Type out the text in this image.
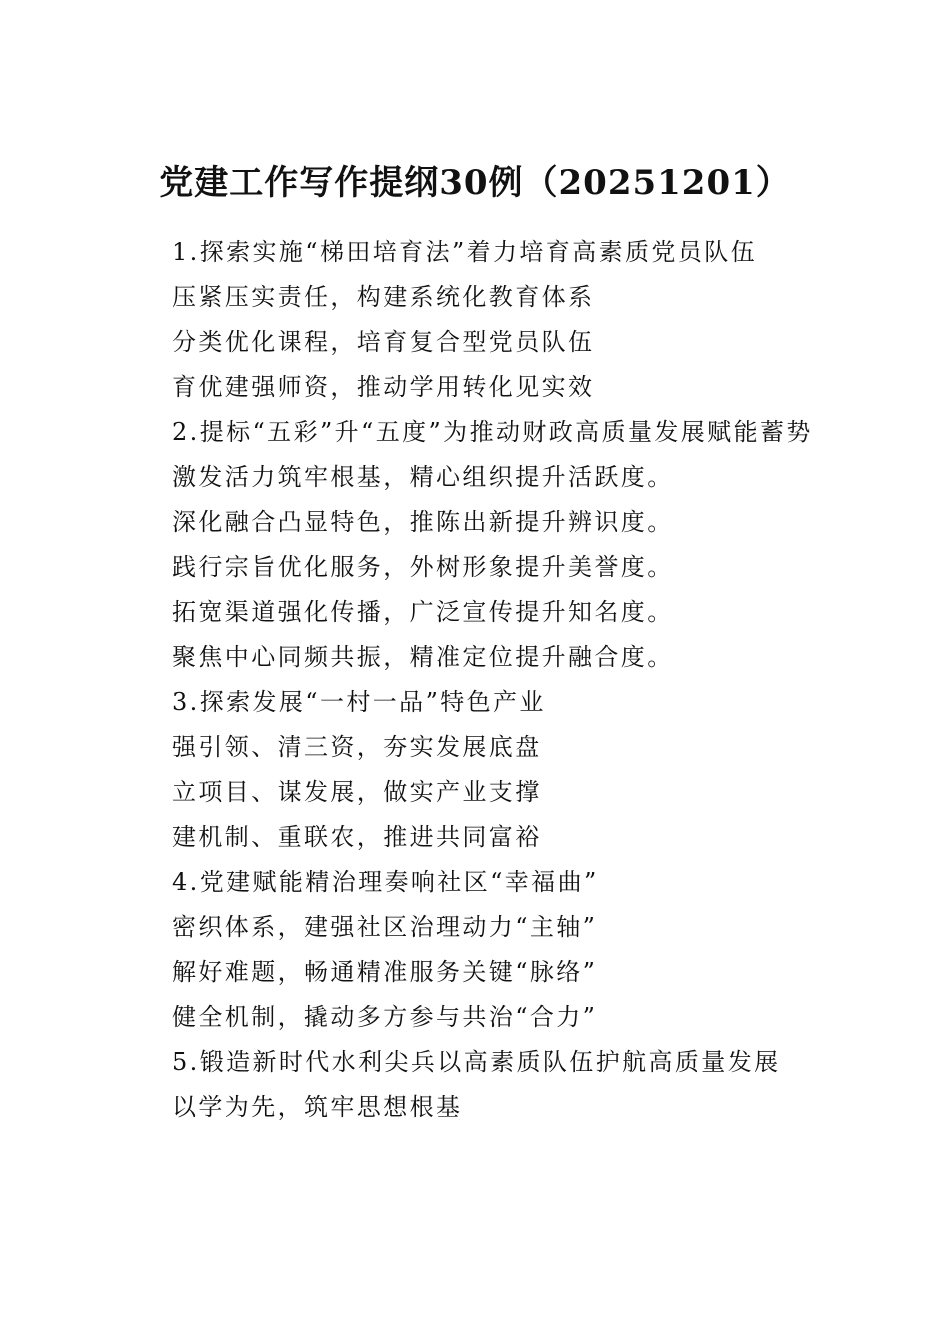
党建工作写作提纲30例（20251201）

1.探索实施“梯田培育法”着力培育高素质党员队伍

压紧压实责任，构建系统化教育体系

分类优化课程，培育复合型党员队伍

育优建强师资，推动学用转化见实效

2.提标“五彩”升“五度”为推动财政高质量发展赋能蓄势

激发活力筑牢根基，精心组织提升活跃度。

深化融合凸显特色，推陈出新提升辨识度。

践行宗旨优化服务，外树形象提升美誉度。

拓宽渠道强化传播，广泛宣传提升知名度。

聚焦中心同频共振，精准定位提升融合度。

3.探索发展“一村一品”特色产业

强引领、清三资，夯实发展底盘

立项目、谋发展，做实产业支撑

建机制、重联农，推进共同富裕

4.党建赋能精治理奏响社区“幸福曲”

密织体系，建强社区治理动力“主轴”

解好难题，畅通精准服务关键“脉络”

健全机制，撬动多方参与共治“合力”

5.锻造新时代水利尖兵以高素质队伍护航高质量发展

以学为先，筑牢思想根基
